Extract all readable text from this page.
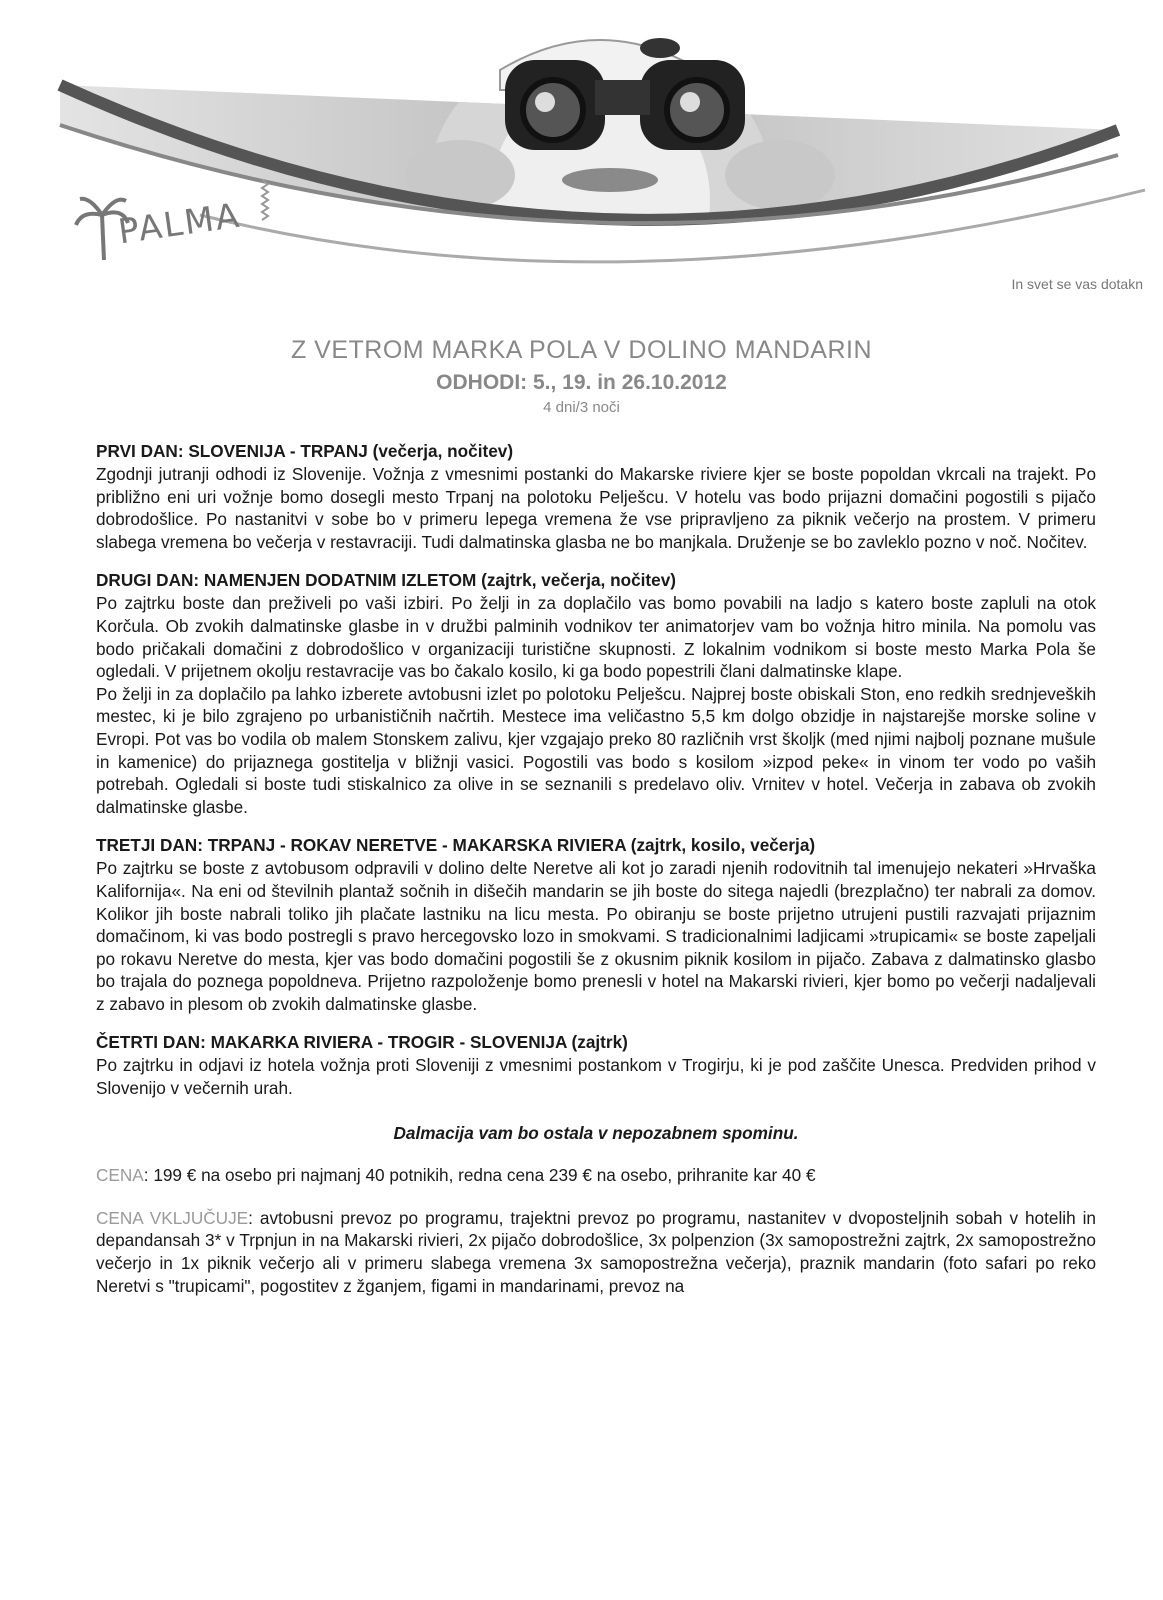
PALMA
In svet se vas dotakn
Z VETROM MARKA POLA V DOLINO MANDARIN
ODHODI: 5., 19. in 26.10.2012
4 dni/3 noči
PRVI DAN: SLOVENIJA - TRPANJ (večerja, nočitev)

Zgodnji jutranji odhodi iz Slovenije. Vožnja z vmesnimi postanki do Makarske riviere kjer se boste popoldan vkrcali na trajekt. Po približno eni uri vožnje bomo dosegli mesto Trpanj na polotoku Pelješcu. V hotelu vas bodo prijazni domačini pogostili s pijačo dobrodošlice. Po nastanitvi v sobe bo v primeru lepega vremena že vse pripravljeno za piknik večerjo na prostem. V primeru slabega vremena bo večerja v restavraciji. Tudi dalmatinska glasba ne bo manjkala. Druženje se bo zavleklo pozno v noč. Nočitev.

DRUGI DAN: NAMENJEN DODATNIM IZLETOM (zajtrk, večerja, nočitev)

Po zajtrku boste dan preživeli po vaši izbiri. Po želji in za doplačilo vas bomo povabili na ladjo s katero boste zapluli na otok Korčula. Ob zvokih dalmatinske glasbe in v družbi palminih vodnikov ter animatorjev vam bo vožnja hitro minila. Na pomolu vas bodo pričakali domačini z dobrodošlico v organizaciji turistične skupnosti. Z lokalnim vodnikom si boste mesto Marka Pola še ogledali. V prijetnem okolju restavracije vas bo čakalo kosilo, ki ga bodo popestrili člani dalmatinske klape.

Po želji in za doplačilo pa lahko izberete avtobusni izlet po polotoku Pelješcu. Najprej boste obiskali Ston, eno redkih srednjeveških mestec, ki je bilo zgrajeno po urbanističnih načrtih. Mestece ima veličastno 5,5 km dolgo obzidje in najstarejše morske soline v Evropi. Pot vas bo vodila ob malem Stonskem zalivu, kjer vzgajajo preko 80 različnih vrst školjk (med njimi najbolj poznane mušule in kamenice) do prijaznega gostitelja v bližnji vasici. Pogostili vas bodo s kosilom »izpod peke« in vinom ter vodo po vaših potrebah. Ogledali si boste tudi stiskalnico za olive in se seznanili s predelavo oliv. Vrnitev v hotel. Večerja in zabava ob zvokih dalmatinske glasbe.

TRETJI DAN: TRPANJ - ROKAV NERETVE - MAKARSKA RIVIERA (zajtrk, kosilo, večerja)

Po zajtrku se boste z avtobusom odpravili v dolino delte Neretve ali kot jo zaradi njenih rodovitnih tal imenujejo nekateri »Hrvaška Kalifornija«. Na eni od številnih plantaž sočnih in dišečih mandarin se jih boste do sitega najedli (brezplačno) ter nabrali za domov. Kolikor jih boste nabrali toliko jih plačate lastniku na licu mesta. Po obiranju se boste prijetno utrujeni pustili razvajati prijaznim domačinom, ki vas bodo postregli s pravo hercegovsko lozo in smokvami. S tradicionalnimi ladjicami »trupicami« se boste zapeljali po rokavu Neretve do mesta, kjer vas bodo domačini pogostili še z okusnim piknik kosilom in pijačo. Zabava z dalmatinsko glasbo bo trajala do poznega popoldneva. Prijetno razpoloženje bomo prenesli v hotel na Makarski rivieri, kjer bomo po večerji nadaljevali z zabavo in plesom ob zvokih dalmatinske glasbe.

ČETRTI DAN: MAKARKA RIVIERA - TROGIR - SLOVENIJA (zajtrk)

Po zajtrku in odjavi iz hotela vožnja proti Sloveniji z vmesnimi postankom v Trogirju, ki je pod zaščite Unesca. Predviden prihod v Slovenijo v večernih urah.

Dalmacija vam bo ostala v nepozabnem spominu.

CENA: 199 € na osebo pri najmanj 40 potnikih, redna cena 239 € na osebo, prihranite kar 40 €

CENA VKLJUČUJE: avtobusni prevoz po programu, trajektni prevoz po programu, nastanitev v dvoposteljnih sobah v hotelih in depandansah 3* v Trpnjun in na Makarski rivieri, 2x pijačo dobrodošlice, 3x polpenzion (3x samopostrežni zajtrk, 2x samopostrežno večerjo in 1x piknik večerjo ali v primeru slabega vremena 3x samopostrežna večerja), praznik mandarin (foto safari po reko Neretvi s "trupicami", pogostitev z žganjem, figami in mandarinami, prevoz na
